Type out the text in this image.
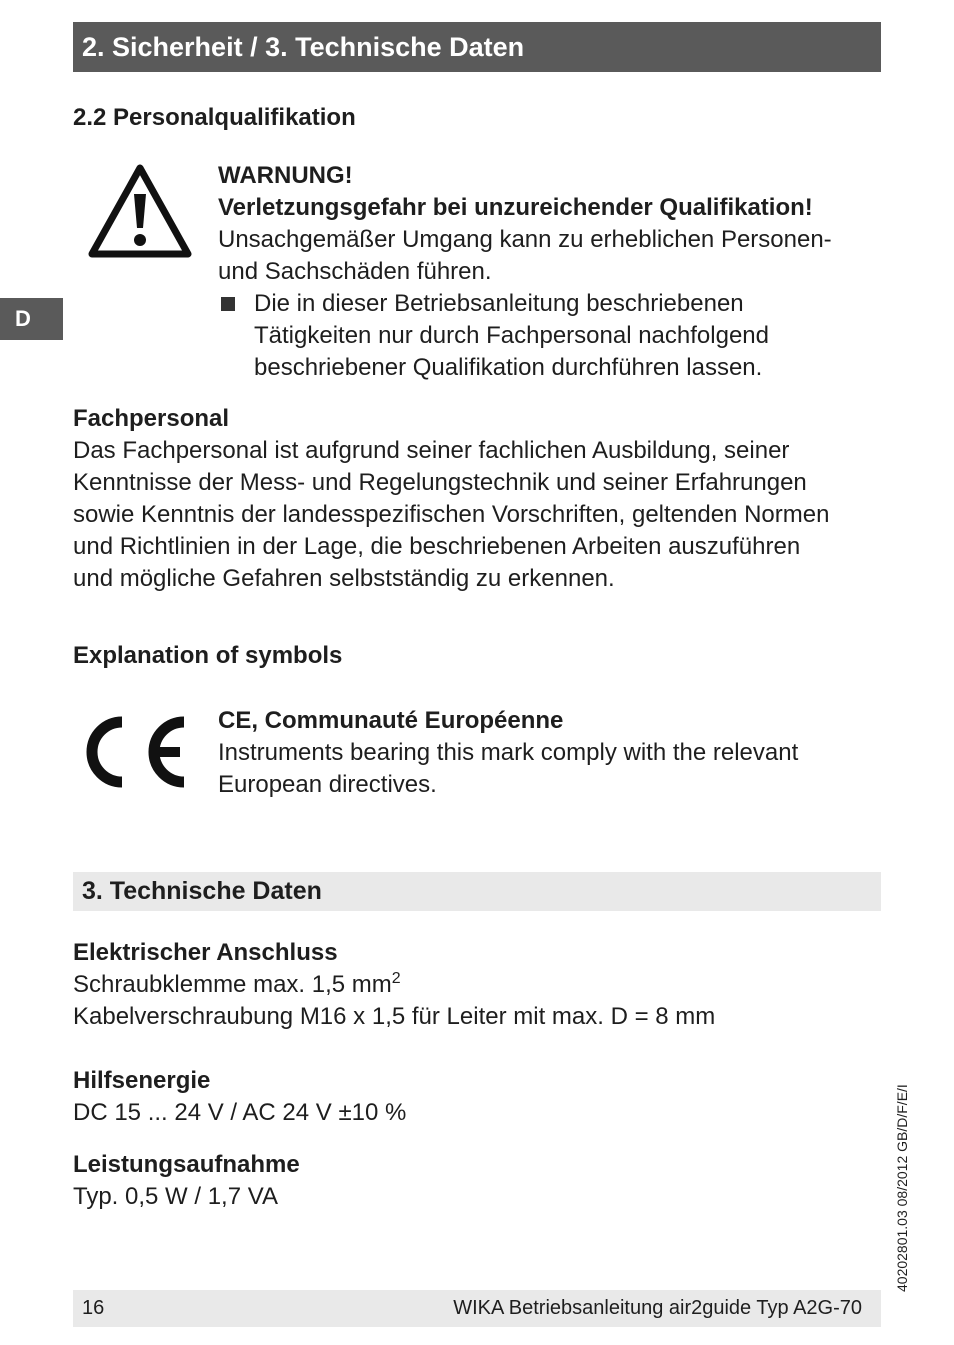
2. Sicherheit / 3. Technische Daten
D
2.2 Personalqualifikation

WARNUNG!

Verletzungsgefahr bei unzureichender Qualifikation!

Unsachgemäßer Umgang kann zu erheblichen Personen-

und Sachschäden führen.

Die in dieser Betriebsanleitung beschriebenen

Tätigkeiten nur durch Fachpersonal nachfolgend

beschriebener Qualifikation durchführen lassen.

Fachpersonal

Das Fachpersonal ist aufgrund seiner fachlichen Ausbildung, seiner

Kenntnisse der Mess- und Regelungstechnik und seiner Erfahrungen

sowie Kenntnis der landesspezifischen Vorschriften, geltenden Normen

und Richtlinien in der Lage, die beschriebenen Arbeiten auszuführen

und mögliche Gefahren selbstständig zu erkennen.

Explanation of symbols

CE, Communauté Européenne

Instruments bearing this mark comply with the relevant

European directives.

3. Technische Daten

Elektrischer Anschluss

Schraubklemme max. 1,5 $mm^2$

Kabelverschraubung M16 x 1,5 für Leiter mit max. D = 8 mm

Hilfsenergie

DC 15 ... 24 V / AC 24 V ±10 %

Leistungsaufnahme

Typ. 0,5 W / 1,7 VA	40202801.03 08/2012 GB/D/F/E/I
16	WIKA Betriebsanleitung air2guide Typ A2G-70
